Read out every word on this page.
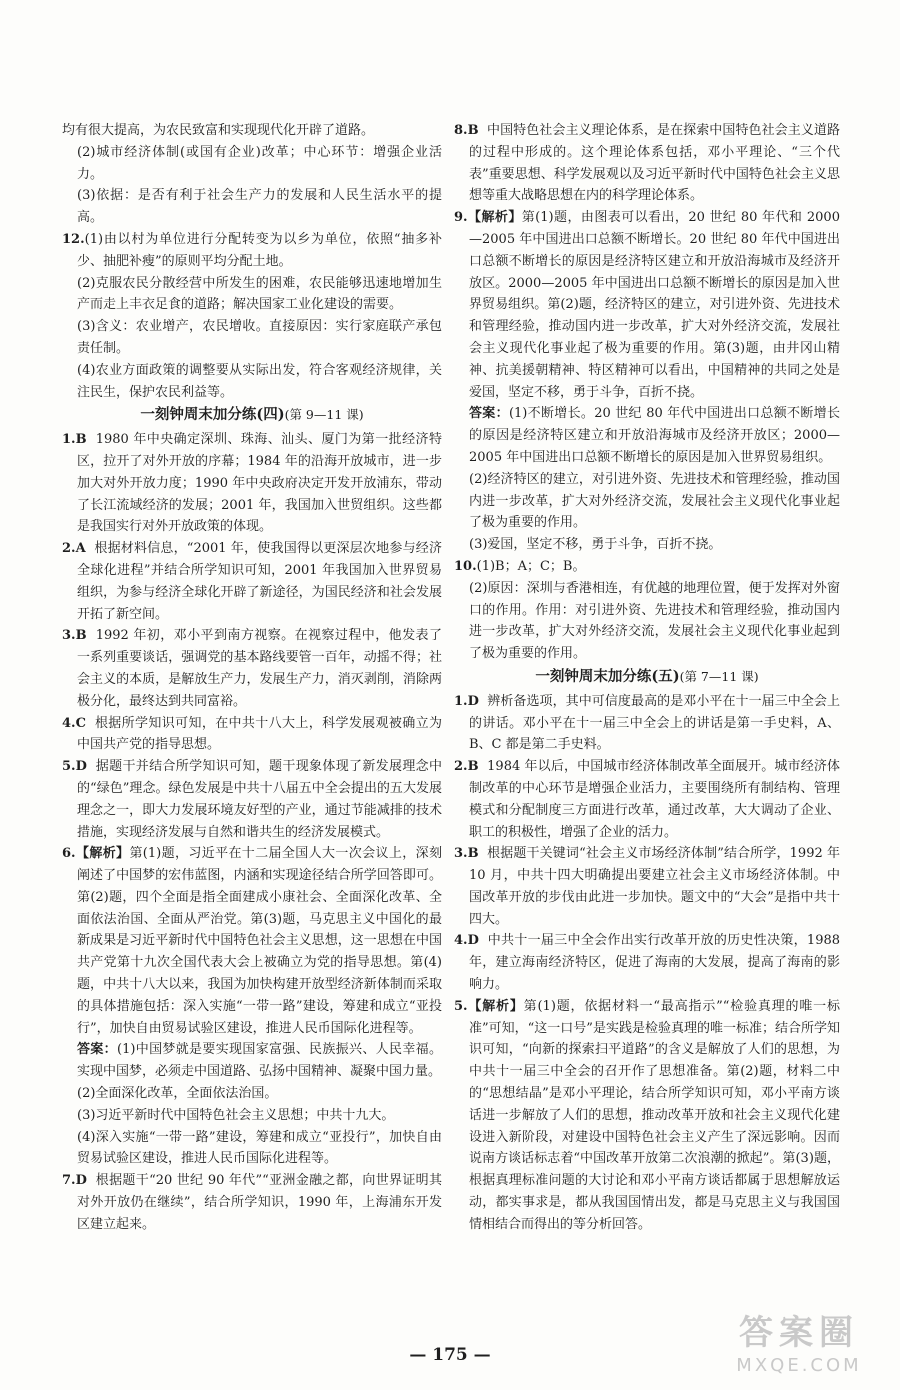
均有很大提高，为农民致富和实现现代化开辟了道路。

(2)城市经济体制(或国有企业)改革；中心环节：增强企业活力。

(3)依据：是否有利于社会生产力的发展和人民生活水平的提高。

12.(1)由以村为单位进行分配转变为以乡为单位，依照“抽多补少、抽肥补瘦”的原则平均分配土地。

(2)克服农民分散经营中所发生的困难，农民能够迅速地增加生产而走上丰衣足食的道路；解决国家工业化建设的需要。

(3)含义：农业增产，农民增收。直接原因：实行家庭联产承包责任制。

(4)农业方面政策的调整要从实际出发，符合客观经济规律，关注民生，保护农民利益等。

一刻钟周末加分练(四)(第 9—11 课)

1.B 1980 年中央确定深圳、珠海、汕头、厦门为第一批经济特区，拉开了对外开放的序幕；1984 年的沿海开放城市，进一步加大对外开放力度；1990 年中央政府决定开发开放浦东，带动了长江流域经济的发展；2001 年，我国加入世贸组织。这些都是我国实行对外开放政策的体现。

2.A 根据材料信息，“2001 年，使我国得以更深层次地参与经济全球化进程”并结合所学知识可知，2001 年我国加入世界贸易组织，为参与经济全球化开辟了新途径，为国民经济和社会发展开拓了新空间。

3.B 1992 年初，邓小平到南方视察。在视察过程中，他发表了一系列重要谈话，强调党的基本路线要管一百年，动摇不得；社会主义的本质，是解放生产力，发展生产力，消灭剥削，消除两极分化，最终达到共同富裕。

4.C 根据所学知识可知，在中共十八大上，科学发展观被确立为中国共产党的指导思想。

5.D 据题干并结合所学知识可知，题干现象体现了新发展理念中的“绿色”理念。绿色发展是中共十八届五中全会提出的五大发展理念之一，即大力发展环境友好型的产业，通过节能减排的技术措施，实现经济发展与自然和谐共生的经济发展模式。

6.【解析】第(1)题，习近平在十二届全国人大一次会议上，深刻阐述了中国梦的宏伟蓝图，内涵和实现途径结合所学回答即可。第(2)题，四个全面是指全面建成小康社会、全面深化改革、全面依法治国、全面从严治党。第(3)题，马克思主义中国化的最新成果是习近平新时代中国特色社会主义思想，这一思想在中国共产党第十九次全国代表大会上被确立为党的指导思想。第(4)题，中共十八大以来，我国为加快构建开放型经济新体制而采取的具体措施包括：深入实施“一带一路”建设，筹建和成立“亚投行”，加快自由贸易试验区建设，推进人民币国际化进程等。

答案：(1)中国梦就是要实现国家富强、民族振兴、人民幸福。实现中国梦，必须走中国道路、弘扬中国精神、凝聚中国力量。

(2)全面深化改革，全面依法治国。

(3)习近平新时代中国特色社会主义思想；中共十九大。

(4)深入实施“一带一路”建设，筹建和成立“亚投行”，加快自由贸易试验区建设，推进人民币国际化进程等。

7.D 根据题干“20 世纪 90 年代”“亚洲金融之都，向世界证明其对外开放仍在继续”，结合所学知识，1990 年，上海浦东开发区建立起来。

8.B 中国特色社会主义理论体系，是在探索中国特色社会主义道路的过程中形成的。这个理论体系包括，邓小平理论、“三个代表”重要思想、科学发展观以及习近平新时代中国特色社会主义思想等重大战略思想在内的科学理论体系。

9.【解析】第(1)题，由图表可以看出，20 世纪 80 年代和 2000—2005 年中国进出口总额不断增长。20 世纪 80 年代中国进出口总额不断增长的原因是经济特区建立和开放沿海城市及经济开放区。2000—2005 年中国进出口总额不断增长的原因是加入世界贸易组织。第(2)题，经济特区的建立，对引进外资、先进技术和管理经验，推动国内进一步改革，扩大对外经济交流，发展社会主义现代化事业起了极为重要的作用。第(3)题，由井冈山精神、抗美援朝精神、特区精神可以看出，中国精神的共同之处是爱国，坚定不移，勇于斗争，百折不挠。

答案：(1)不断增长。20 世纪 80 年代中国进出口总额不断增长的原因是经济特区建立和开放沿海城市及经济开放区；2000—2005 年中国进出口总额不断增长的原因是加入世界贸易组织。

(2)经济特区的建立，对引进外资、先进技术和管理经验，推动国内进一步改革，扩大对外经济交流，发展社会主义现代化事业起了极为重要的作用。

(3)爱国，坚定不移，勇于斗争，百折不挠。

10.(1)B；A；C；B。

(2)原因：深圳与香港相连，有优越的地理位置，便于发挥对外窗口的作用。作用：对引进外资、先进技术和管理经验，推动国内进一步改革，扩大对外经济交流，发展社会主义现代化事业起到了极为重要的作用。

一刻钟周末加分练(五)(第 7—11 课)

1.D 辨析备选项，其中可信度最高的是邓小平在十一届三中全会上的讲话。邓小平在十一届三中全会上的讲话是第一手史料，A、B、C 都是第二手史料。

2.B 1984 年以后，中国城市经济体制改革全面展开。城市经济体制改革的中心环节是增强企业活力，主要围绕所有制结构、管理模式和分配制度三方面进行改革，通过改革，大大调动了企业、职工的积极性，增强了企业的活力。

3.B 根据题干关键词“社会主义市场经济体制”结合所学，1992 年 10 月，中共十四大明确提出要建立社会主义市场经济体制。中国改革开放的步伐由此进一步加快。题文中的“大会”是指中共十四大。

4.D 中共十一届三中全会作出实行改革开放的历史性决策，1988 年，建立海南经济特区，促进了海南的大发展，提高了海南的影响力。

5.【解析】第(1)题，依据材料一“最高指示”“检验真理的唯一标准”可知，“这一口号”是实践是检验真理的唯一标准；结合所学知识可知，“向新的探索扫平道路”的含义是解放了人们的思想，为中共十一届三中全会的召开作了思想准备。第(2)题，材料二中的“思想结晶”是邓小平理论，结合所学知识可知，邓小平南方谈话进一步解放了人们的思想，推动改革开放和社会主义现代化建设进入新阶段，对建设中国特色社会主义产生了深远影响。因而说南方谈话标志着“中国改革开放第二次浪潮的掀起”。第(3)题，根据真理标准问题的大讨论和邓小平南方谈话都属于思想解放运动，都实事求是，都从我国国情出发，都是马克思主义与我国国情相结合而得出的等分析回答。

— 175 —
答案圈
MXQE.COM
